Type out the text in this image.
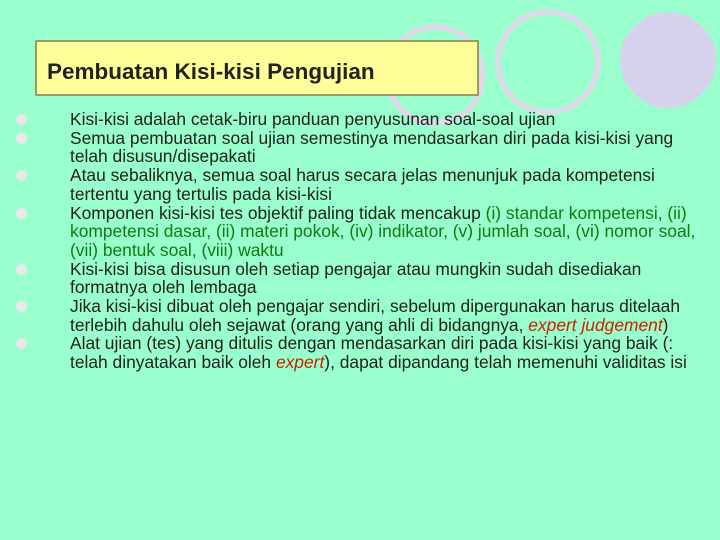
Pembuatan Kisi-kisi Pengujian
Kisi-kisi adalah cetak-biru panduan penyusunan soal-soal ujian
Semua pembuatan soal ujian semestinya mendasarkan diri pada kisi-kisi yang telah disusun/disepakati
Atau sebaliknya, semua soal harus secara jelas menunjuk pada kompetensi tertentu yang tertulis pada kisi-kisi
Komponen kisi-kisi tes objektif paling tidak mencakup (i) standar kompetensi, (ii) kompetensi dasar, (ii) materi pokok, (iv) indikator, (v) jumlah soal, (vi) nomor soal, (vii) bentuk soal, (viii) waktu
Kisi-kisi bisa disusun oleh setiap pengajar atau mungkin sudah disediakan formatnya oleh lembaga
Jika kisi-kisi dibuat oleh pengajar sendiri, sebelum dipergunakan harus ditelaah terlebih dahulu oleh sejawat (orang yang ahli di bidangnya, expert judgement)
Alat ujian (tes) yang ditulis dengan mendasarkan diri pada kisi-kisi yang baik (: telah dinyatakan baik oleh expert), dapat dipandang telah memenuhi validitas isi
